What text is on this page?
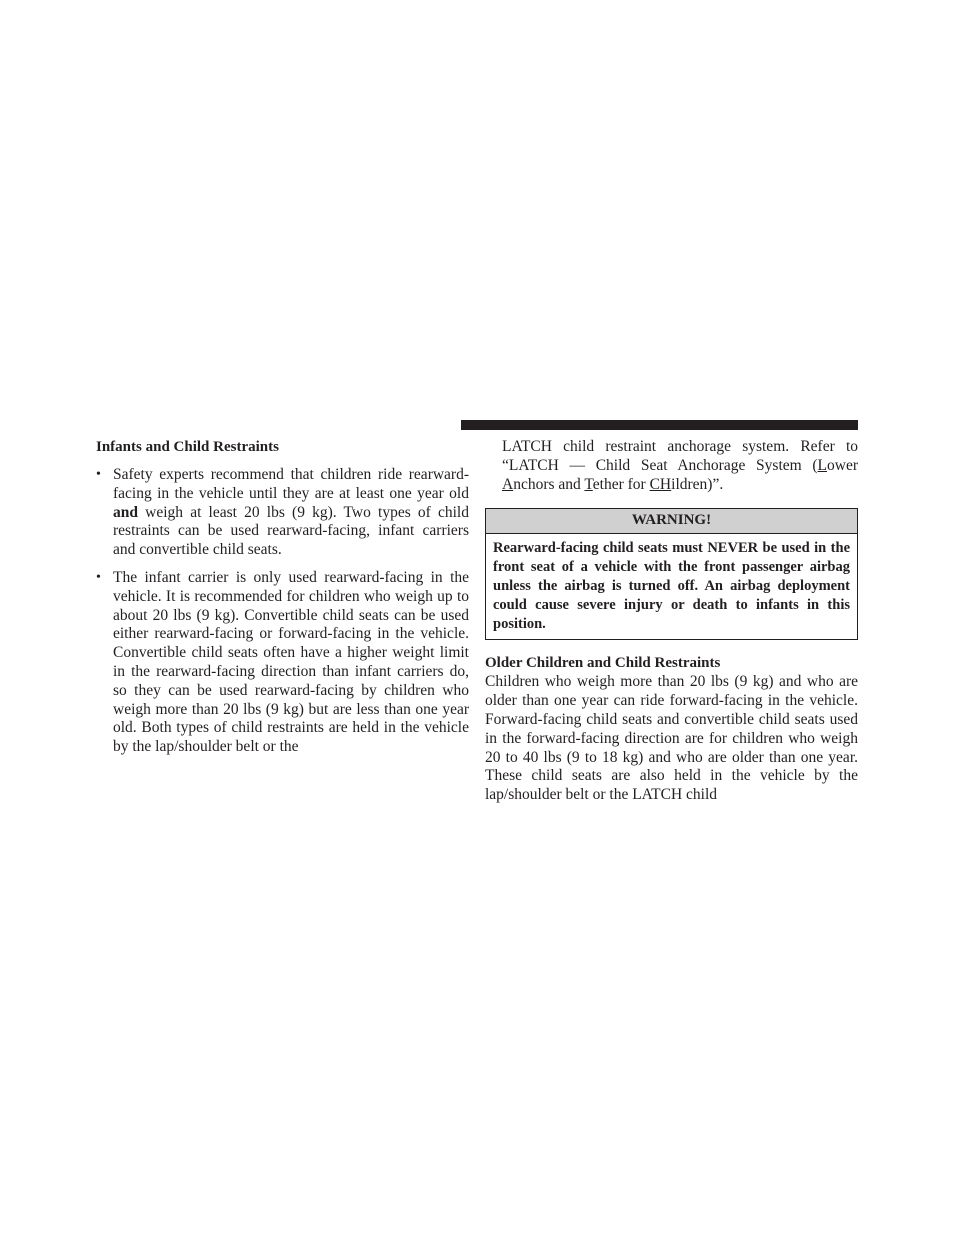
Infants and Child Restraints
• Safety experts recommend that children ride rearward-facing in the vehicle until they are at least one year old and weigh at least 20 lbs (9 kg). Two types of child restraints can be used rearward-facing, infant carriers and convertible child seats.

• The infant carrier is only used rearward-facing in the vehicle. It is recommended for children who weigh up to about 20 lbs (9 kg). Convertible child seats can be used either rearward-facing or forward-facing in the vehicle. Convertible child seats often have a higher weight limit in the rearward-facing direction than infant carriers do, so they can be used rearward-facing by children who weigh more than 20 lbs (9 kg) but are less than one year old. Both types of child restraints are held in the vehicle by the lap/shoulder belt or the

LATCH child restraint anchorage system. Refer to “LATCH — Child Seat Anchorage System (Lower Anchors and Tether for CHildren)”.

WARNING!
Rearward-facing child seats must NEVER be used in the front seat of a vehicle with the front passenger airbag unless the airbag is turned off. An airbag deployment could cause severe injury or death to infants in this position.
Older Children and Child Restraints

Children who weigh more than 20 lbs (9 kg) and who are older than one year can ride forward-facing in the vehicle. Forward-facing child seats and convertible child seats used in the forward-facing direction are for children who weigh 20 to 40 lbs (9 to 18 kg) and who are older than one year. These child seats are also held in the vehicle by the lap/shoulder belt or the LATCH child
